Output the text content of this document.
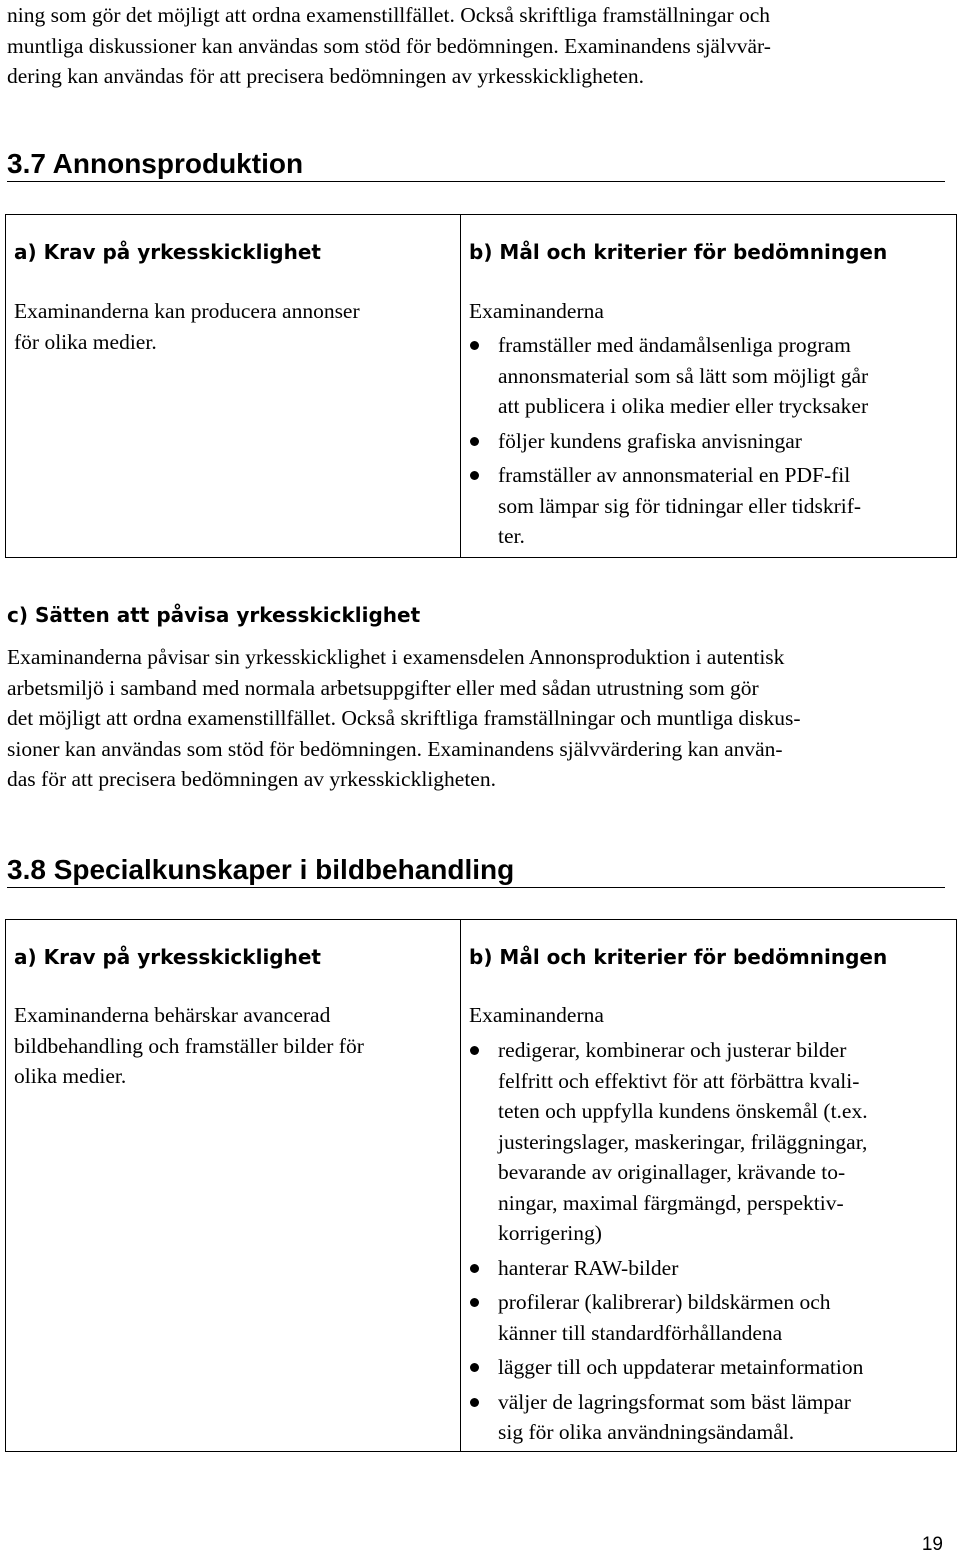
ning som gör det möjligt att ordna examenstillfället. Också skriftliga framställningar och
muntliga diskussioner kan användas som stöd för bedömningen. Examinandens självvär-
dering kan användas för att precisera bedömningen av yrkesskickligheten.

3.7 Annonsproduktion
a) Krav på yrkesskicklighet
Examinanderna kan producera annonser
för olika medier.
b) Mål och kriterier för bedömningen
Examinanderna
framställer med ändamålsenliga program
annonsmaterial som så lätt som möjligt går
att publicera i olika medier eller trycksaker
följer kundens grafiska anvisningar
framställer av annonsmaterial en PDF-fil
som lämpar sig för tidningar eller tidskrif-
ter.
c) Sätten att påvisa yrkesskicklighet

Examinanderna påvisar sin yrkesskicklighet i examensdelen Annonsproduktion i autentisk
arbetsmiljö i samband med normala arbetsuppgifter eller med sådan utrustning som gör
det möjligt att ordna examenstillfället. Också skriftliga framställningar och muntliga diskus-
sioner kan användas som stöd för bedömningen. Examinandens självvärdering kan använ-
das för att precisera bedömningen av yrkesskickligheten.

3.8 Specialkunskaper i bildbehandling
a) Krav på yrkesskicklighet
Examinanderna behärskar avancerad
bildbehandling och framställer bilder för
olika medier.
b) Mål och kriterier för bedömningen
Examinanderna
redigerar, kombinerar och justerar bilder
felfritt och effektivt för att förbättra kvali-
teten och uppfylla kundens önskemål (t.ex.
justeringslager, maskeringar, friläggningar,
bevarande av originallager, krävande to-
ningar, maximal färgmängd, perspektiv-
korrigering)
hanterar RAW-bilder
profilerar (kalibrerar) bildskärmen och
känner till standardförhållandena
lägger till och uppdaterar metainformation
väljer de lagringsformat som bäst lämpar
sig för olika användningsändamål.
19
